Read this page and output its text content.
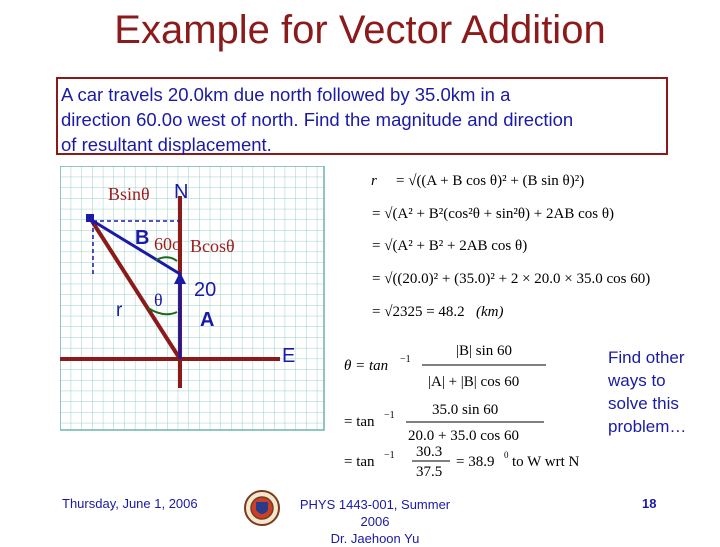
Example for Vector Addition
A car travels 20.0km due north followed by 35.0km in a
direction 60.0o west of north. Find the magnitude and direction
of resultant displacement.
Bsinθ N
B 60o Bcosθ
r θ 20
A
E
r = √((A + B cos θ)² + (B sin θ)²)
= √(A² + B²(cos²θ + sin²θ) + 2AB cos θ)
= √(A² + B² + 2AB cos θ)
= √((20.0)² + (35.0)² + 2 × 20.0 × 35.0 cos 60)
= √2325 = 48.2 (km)
θ = tan −1
|B| sin 60
|A| + |B| cos 60
= tan −1 35.0 sin 60
20.0 + 35.0 cos 60
= tan −1 30.3
37.5
= 38.9 0 to W wrt N
Find other
ways to
solve this
problem…
Thursday, June 1, 2006	PHYS 1443-001, Summer
2006
Dr. Jaehoon Yu
18
